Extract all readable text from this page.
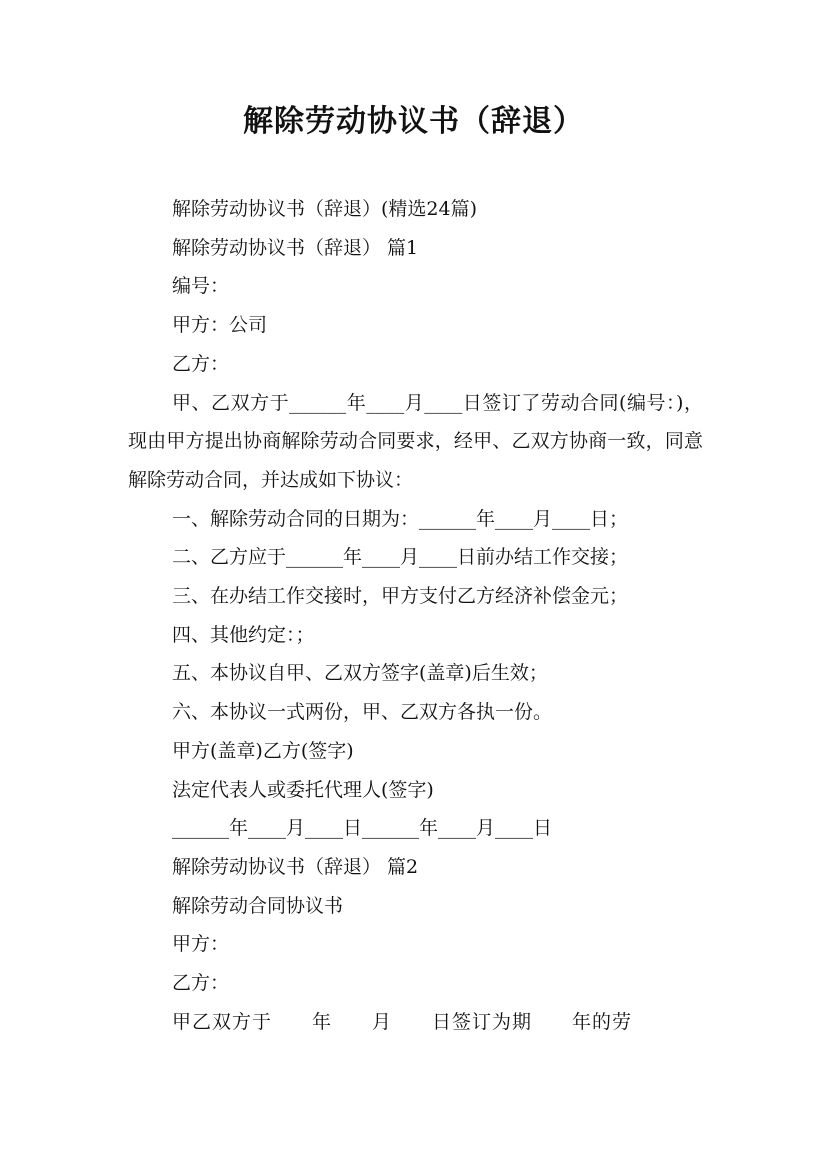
解除劳动协议书（辞退）

解除劳动协议书（辞退）(精选24篇)

解除劳动协议书（辞退） 篇1

编号：

甲方：公司

乙方：

甲、乙双方于______年____月____日签订了劳动合同(编号：)，现由甲方提出协商解除劳动合同要求，经甲、乙双方协商一致，同意解除劳动合同，并达成如下协议：

一、解除劳动合同的日期为：______年____月____日；

二、乙方应于______年____月____日前办结工作交接；

三、在办结工作交接时，甲方支付乙方经济补偿金元；

四、其他约定：；

五、本协议自甲、乙双方签字(盖章)后生效；

六、本协议一式两份，甲、乙双方各执一份。

甲方(盖章)乙方(签字)

法定代表人或委托代理人(签字)

______年____月____日______年____月____日

解除劳动协议书（辞退） 篇2

解除劳动合同协议书

甲方：

乙方：

甲乙双方于　　年　　月　　日签订为期　　年的劳
